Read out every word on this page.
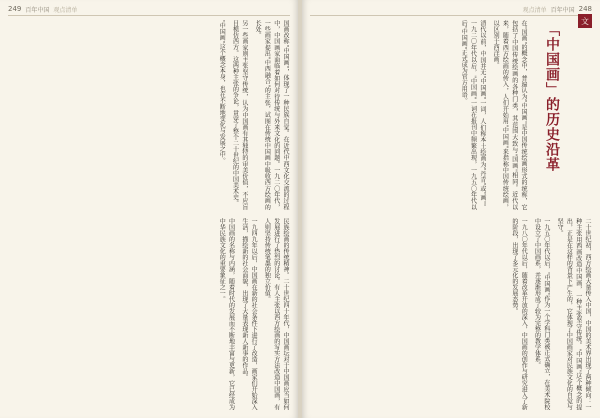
249 百年中国 观点清单

国画改称"中国画"，体现了一种民族自觉。在近代中西文化交流的过程中，中国画家面临着如何对待传统与外来文化的问题。一九二〇年代，一些画家提出"中西融合"的主张，试图在传统中国画中吸收西方绘画的长处。

另一些画家则主张坚守传统，认为中国画有其独特的审美价值，不应盲目模仿西方。这两种主张的争论，贯穿了整个二十世纪的中国美术史。

"中国画"这个概念本身，也在不断地变化与发展之中。

民族绘画的传统精神。二十世纪四十年代，中国画坛对于中国画应当如何发展进行了热烈的讨论。有人主张以西方绘画的写实方法改造中国画，有人则坚持传统笔墨的独立价值。

一九四九年以后，中国画在新的社会条件下进行了改造，画家们开始深入生活，描绘新的社会面貌，出现了大量表现新人新事的作品。

中国画的名称与内涵，随着时代的发展而不断地丰富与更新，它已经成为中华民族文化的重要象征之一。

观点清单 百年中国 248
文
「中国画」的历史沿革

在"国画"的概念中，普遍认为"中国画"是中国传统绘画形式的统称，它包括了中国传统绘画的各种门类，其范围大致与"国画"相同。近代以来，随着西方绘画的传入，人们开始用"中国画"来指称中国传统绘画，以区别于西洋画。

清代以前，中国并无"中国画"一词，人们称本土绘画为"丹青"或"画"。一九二〇年代以后，"中国画"一词在报刊中频繁出现，一九五〇年代以后"中国画"正式成为官方用语。

二十世纪初，西方绘画大量传入中国，中国的美术界出现了两种倾向：一种主张用西画改造中国画，一种主张坚守传统。"中国画"这个概念的提出，正是在这样的背景下产生的，它体现了中国画家对民族文化的自觉与坚守。

一九五〇年代以后，"中国画"作为一个学科门类被正式确立，在美术院校中设立了中国画系，并逐渐形成了较为完整的教学体系。

一九八〇年代以后，随着改革开放的深入，中国画的创作与研究进入了新的阶段，出现了多元化的发展态势。
